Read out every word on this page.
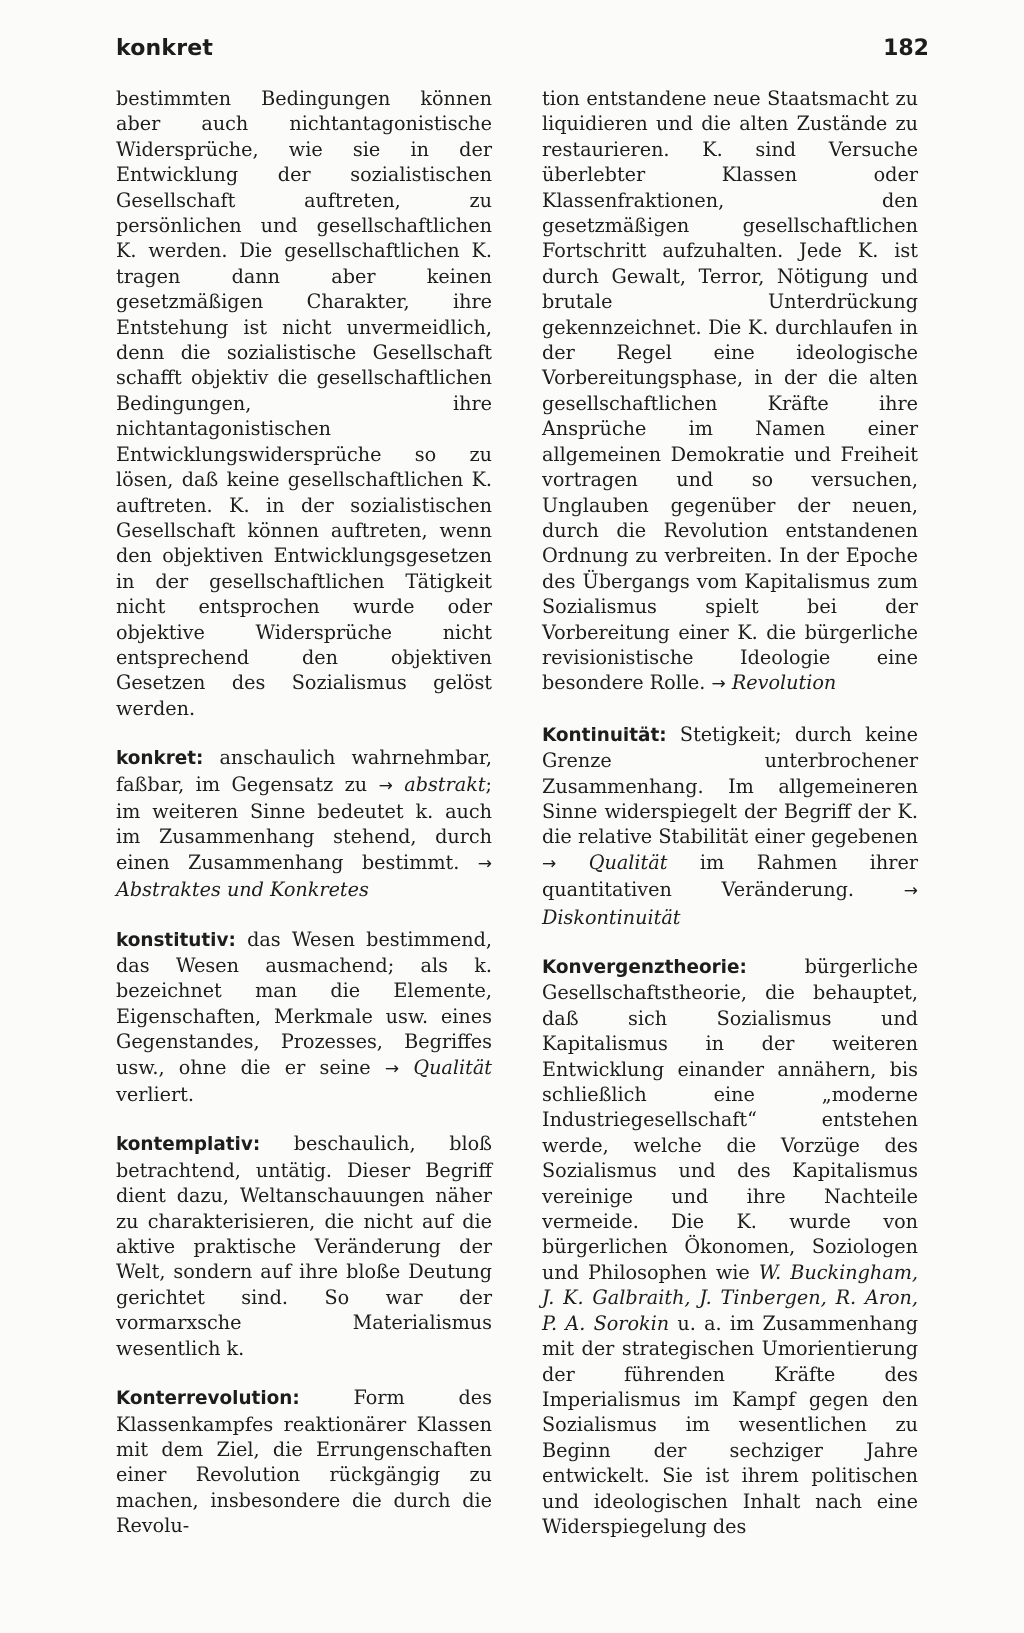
konkret	182

bestimmten Bedingungen können aber auch nichtantagonistische Widersprüche, wie sie in der Entwicklung der sozialistischen Gesellschaft auftreten, zu persönlichen und gesellschaftlichen K. werden. Die gesellschaftlichen K. tragen dann aber keinen gesetzmäßigen Charakter, ihre Entstehung ist nicht unvermeidlich, denn die sozialistische Gesellschaft schafft objektiv die gesellschaftlichen Bedingungen, ihre nichtantagonistischen Entwicklungswidersprüche so zu lösen, daß keine gesellschaftlichen K. auftreten. K. in der sozialistischen Gesellschaft können auftreten, wenn den objektiven Entwicklungsgesetzen in der gesellschaftlichen Tätigkeit nicht entsprochen wurde oder objektive Widersprüche nicht entsprechend den objektiven Gesetzen des Sozialismus gelöst werden.

konkret: anschaulich wahrnehmbar, faßbar, im Gegensatz zu → abstrakt; im weiteren Sinne bedeutet k. auch im Zusammenhang stehend, durch einen Zusammenhang bestimmt. → Abstraktes und Konkretes

konstitutiv: das Wesen bestimmend, das Wesen ausmachend; als k. bezeichnet man die Elemente, Eigenschaften, Merkmale usw. eines Gegenstandes, Prozesses, Begriffes usw., ohne die er seine → Qualität verliert.

kontemplativ: beschaulich, bloß betrachtend, untätig. Dieser Begriff dient dazu, Weltanschauungen näher zu charakterisieren, die nicht auf die aktive praktische Veränderung der Welt, sondern auf ihre bloße Deutung gerichtet sind. So war der vormarxsche Materialismus wesentlich k.

Konterrevolution: Form des Klassenkampfes reaktionärer Klassen mit dem Ziel, die Errungenschaften einer Revolution rückgängig zu machen, insbesondere die durch die Revolu-

tion entstandene neue Staatsmacht zu liquidieren und die alten Zustände zu restaurieren. K. sind Versuche überlebter Klassen oder Klassenfraktionen, den gesetzmäßigen gesellschaftlichen Fortschritt aufzuhalten. Jede K. ist durch Gewalt, Terror, Nötigung und brutale Unterdrückung gekennzeichnet. Die K. durchlaufen in der Regel eine ideologische Vorbereitungsphase, in der die alten gesellschaftlichen Kräfte ihre Ansprüche im Namen einer allgemeinen Demokratie und Freiheit vortragen und so versuchen, Unglauben gegenüber der neuen, durch die Revolution entstandenen Ordnung zu verbreiten. In der Epoche des Übergangs vom Kapitalismus zum Sozialismus spielt bei der Vorbereitung einer K. die bürgerliche revisionistische Ideologie eine besondere Rolle. → Revolution

Kontinuität: Stetigkeit; durch keine Grenze unterbrochener Zusammenhang. Im allgemeineren Sinne widerspiegelt der Begriff der K. die relative Stabilität einer gegebenen → Qualität im Rahmen ihrer quantitativen Veränderung. → Diskontinuität

Konvergenztheorie: bürgerliche Gesellschaftstheorie, die behauptet, daß sich Sozialismus und Kapitalismus in der weiteren Entwicklung einander annähern, bis schließlich eine „moderne Industriegesellschaft“ entstehen werde, welche die Vorzüge des Sozialismus und des Kapitalismus vereinige und ihre Nachteile vermeide. Die K. wurde von bürgerlichen Ökonomen, Soziologen und Philosophen wie W. Buckingham, J. K. Galbraith, J. Tinbergen, R. Aron, P. A. Sorokin u. a. im Zusammenhang mit der strategischen Umorientierung der führenden Kräfte des Imperialismus im Kampf gegen den Sozialismus im wesentlichen zu Beginn der sechziger Jahre entwickelt. Sie ist ihrem politischen und ideologischen Inhalt nach eine Widerspiegelung des
